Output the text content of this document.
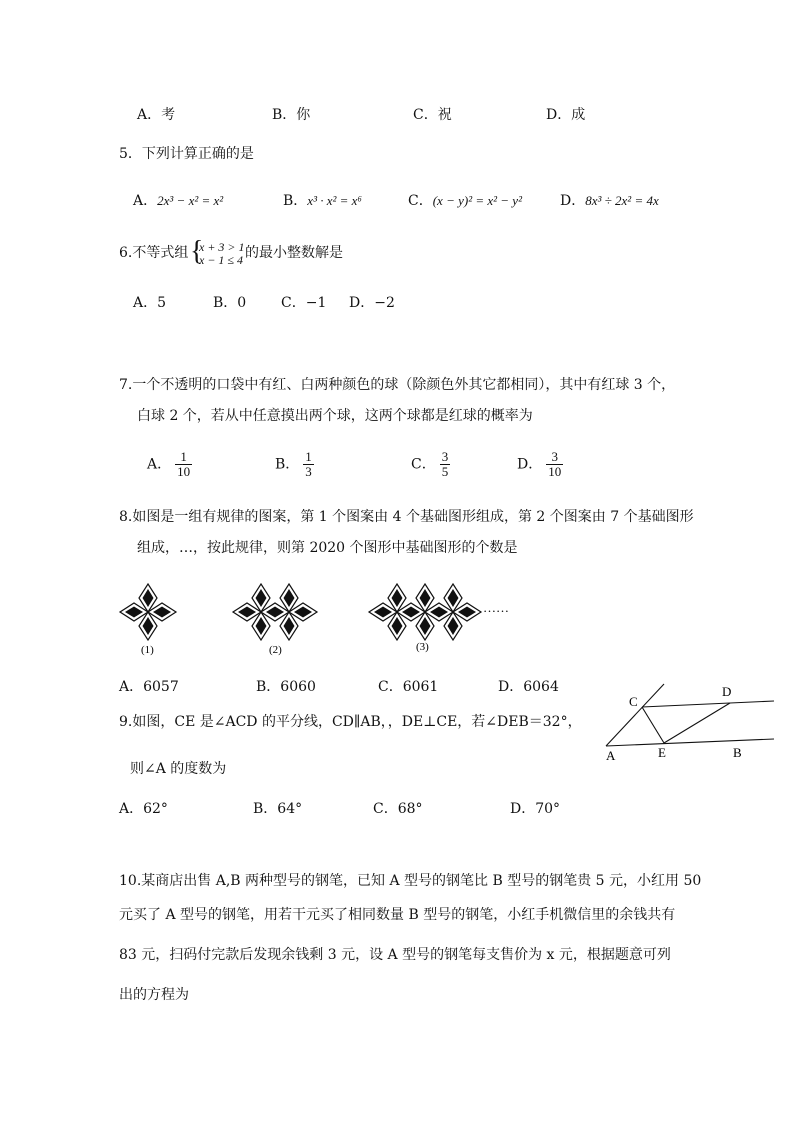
A．考	B．你	C．祝	D．成
5．下列计算正确的是
A．2x³ − x² = x²	B．x³ · x² = x⁶	C．(x − y)² = x² − y²	D．8x³ ÷ 2x² = 4x
6.不等式组 {
x + 3 > 1
x − 1 ≤ 4 的最小整数解是
A．5	B．0 C．−1 D．−2
7.一个不透明的口袋中有红、白两种颜色的球（除颜色外其它都相同），其中有红球 3 个，
白球 2 个，若从中任意摸出两个球，这两个球都是红球的概率为
A． $\frac{1}{10}$	B． $\frac{1}{3}$	C． $\frac{3}{5}$	D． $\frac{3}{10}$
8.如图是一组有规律的图案，第 1 个图案由 4 个基础图形组成，第 2 个图案由 7 个基础图形
组成，…，按此规律，则第 2020 个图形中基础图形的个数是
……
(1)	(2)	(3)
A．6057	B．6060	C．6061	D．6064
C
D
A	E	B
9.如图，CE 是∠ACD 的平分线，CD∥AB，，DE⊥CE，若∠DEB＝32°，
则∠A 的度数为
A．62°	B．64°	C．68°	D．70°
10.某商店出售 A,B 两种型号的钢笔，已知 A 型号的钢笔比 B 型号的钢笔贵 5 元，小红用 50
元买了 A 型号的钢笔，用若干元买了相同数量 B 型号的钢笔，小红手机微信里的余钱共有
83 元，扫码付完款后发现余钱剩 3 元，设 A 型号的钢笔每支售价为 x 元，根据题意可列
出的方程为
